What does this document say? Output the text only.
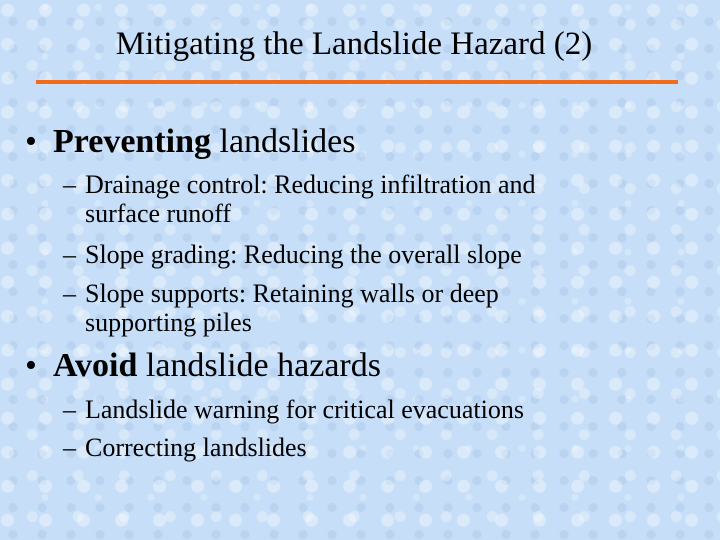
Mitigating the Landslide Hazard (2)
• Preventing landslides
– Drainage control: Reducing infiltration and
surface runoff
– Slope grading: Reducing the overall slope
– Slope supports: Retaining walls or deep
supporting piles
• Avoid landslide hazards
– Landslide warning for critical evacuations
– Correcting landslides
